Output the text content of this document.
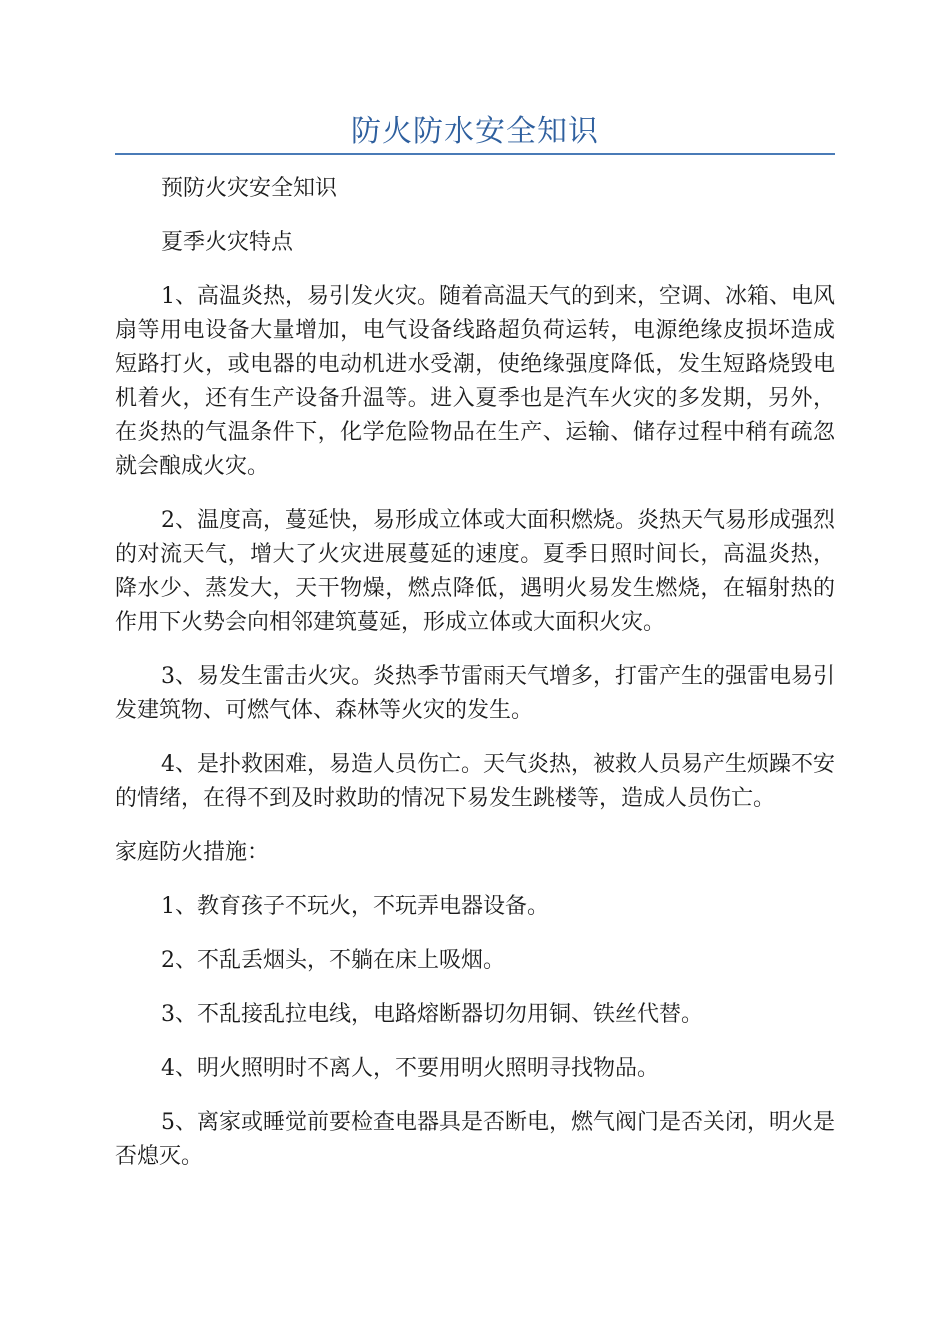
防火防水安全知识

预防火灾安全知识

夏季火灾特点

1、高温炎热，易引发火灾。随着高温天气的到来，空调、冰箱、电风扇等用电设备大量增加，电气设备线路超负荷运转，电源绝缘皮损坏造成短路打火，或电器的电动机进水受潮，使绝缘强度降低，发生短路烧毁电机着火，还有生产设备升温等。进入夏季也是汽车火灾的多发期，另外，在炎热的气温条件下，化学危险物品在生产、运输、储存过程中稍有疏忽就会酿成火灾。

2、温度高，蔓延快，易形成立体或大面积燃烧。炎热天气易形成强烈的对流天气，增大了火灾进展蔓延的速度。夏季日照时间长，高温炎热，降水少、蒸发大，天干物燥，燃点降低，遇明火易发生燃烧，在辐射热的作用下火势会向相邻建筑蔓延，形成立体或大面积火灾。

3、易发生雷击火灾。炎热季节雷雨天气增多，打雷产生的强雷电易引发建筑物、可燃气体、森林等火灾的发生。

4、是扑救困难，易造人员伤亡。天气炎热，被救人员易产生烦躁不安的情绪，在得不到及时救助的情况下易发生跳楼等，造成人员伤亡。

家庭防火措施：

1、教育孩子不玩火，不玩弄电器设备。

2、不乱丢烟头，不躺在床上吸烟。

3、不乱接乱拉电线，电路熔断器切勿用铜、铁丝代替。

4、明火照明时不离人，不要用明火照明寻找物品。

5、离家或睡觉前要检查电器具是否断电，燃气阀门是否关闭，明火是否熄灭。
